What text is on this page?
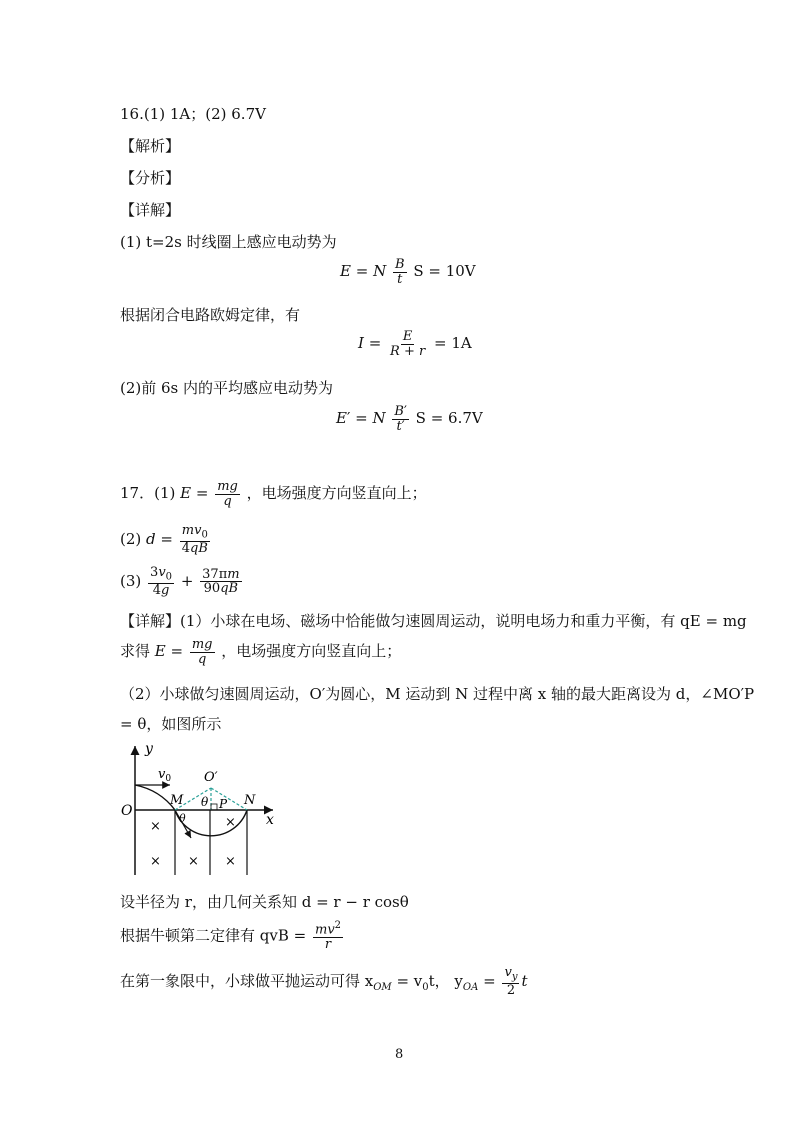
16.(1) 1A；(2) 6.7V
【解析】
【分析】
【详解】
(1) t=2s 时线圈上感应电动势为
E = N $\frac{B}{t}$ S = 10V
根据闭合电路欧姆定律，有
$I = \frac{E}{R + r} = 1A$
(2)前 6s 内的平均感应电动势为
E′ = N $\frac{B'}{t'}$ S = 6.7V
17．(1) $E = \frac{mg}{q}$ ，电场强度方向竖直向上；
(2) $d = \frac{mv_0}{4qB}$
$(3) \frac{3v_0}{4g} + \frac{37\pi m}{90qB}$
【详解】(1）小球在电场、磁场中恰能做匀速圆周运动，说明电场力和重力平衡，有 qE = mg
求得 $E = \frac{mg}{q}$ ，电场强度方向竖直向上；
（2）小球做匀速圆周运动，O′为圆心，M 运动到 N 过程中离 x 轴的最大距离设为 d，∠MO′P
= θ，如图所示
y
x
O
$v_0$	O′
M	N
P
θ
θ
×	×
× × ×
设半径为 r，由几何关系知 d = r − r cosθ
根据牛顿第二定律有 qvB = $\frac{mv^2}{r}$
在第一象限中，小球做平抛运动可得 $x_{OM} = v_0t$， $y_{OA} = \frac{v_y}{2}$ t
8
